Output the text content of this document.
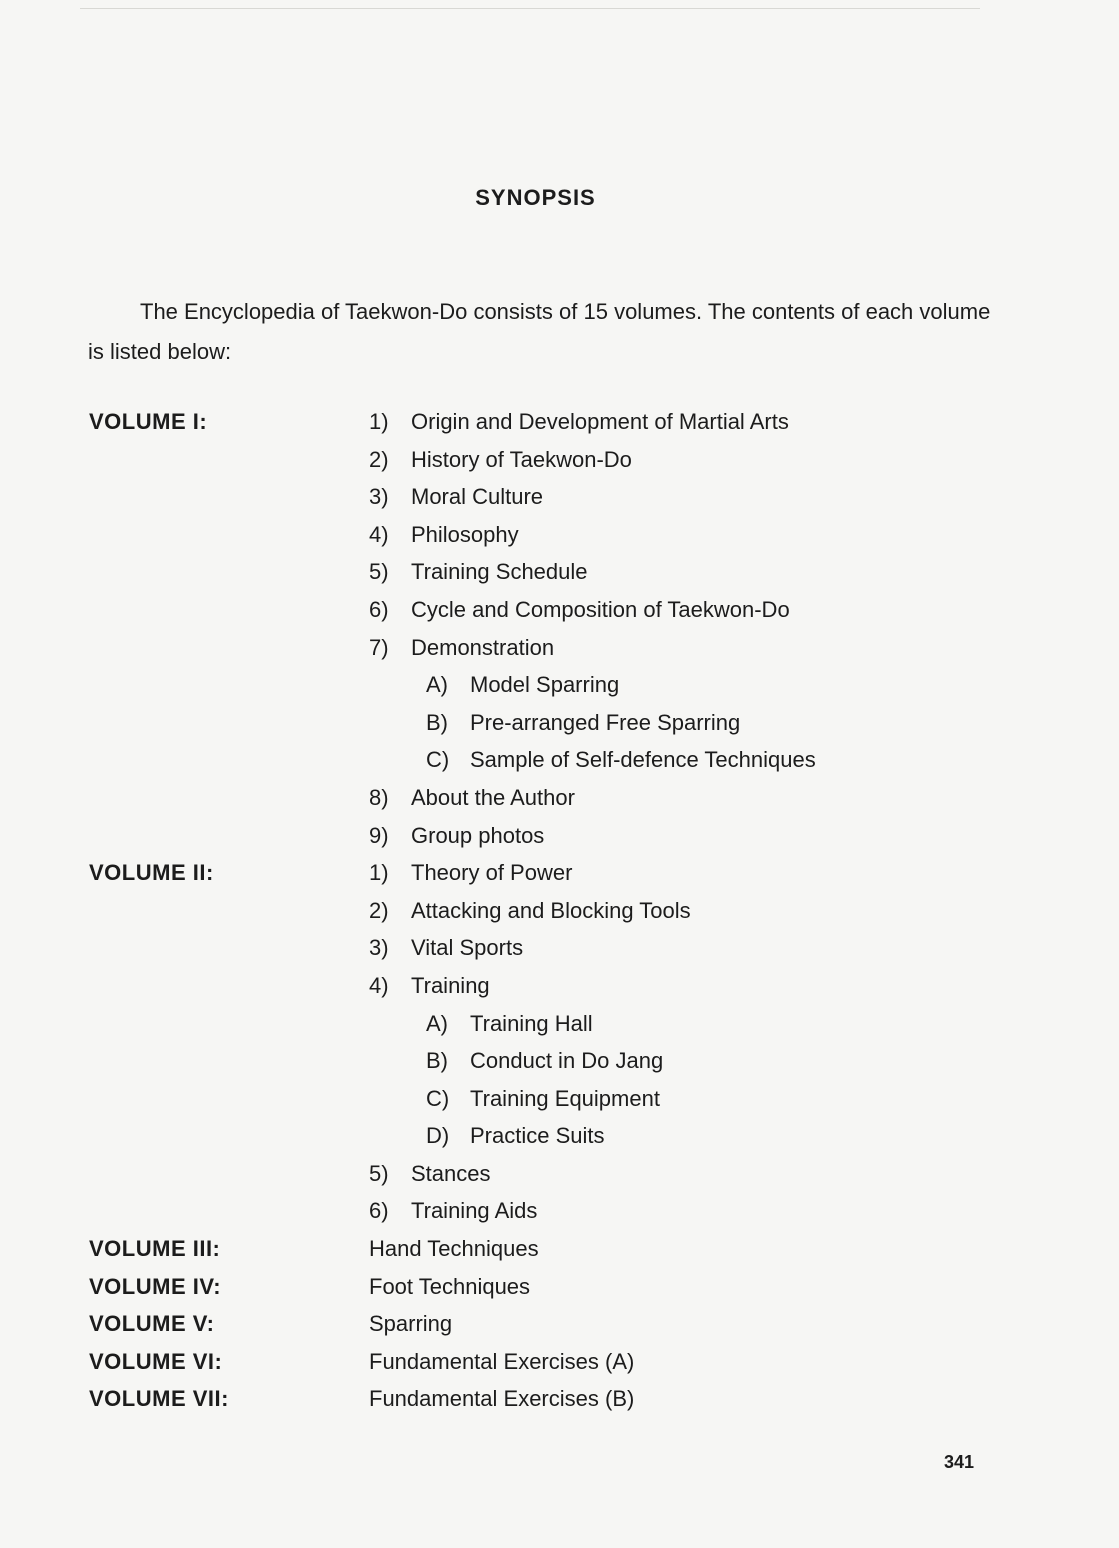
SYNOPSIS
The Encyclopedia of Taekwon-Do consists of 15 volumes. The contents of each volume is listed below:
VOLUME I:	1) Origin and Development of Martial Arts
2) History of Taekwon-Do
3) Moral Culture
4) Philosophy
5) Training Schedule
6) Cycle and Composition of Taekwon-Do
7) Demonstration
A) Model Sparring
B) Pre-arranged Free Sparring
C) Sample of Self-defence Techniques
8) About the Author
9) Group photos
VOLUME II:	1) Theory of Power
2) Attacking and Blocking Tools
3) Vital Sports
4) Training
A) Training Hall
B) Conduct in Do Jang
C) Training Equipment
D) Practice Suits
5) Stances
6) Training Aids
VOLUME III:	Hand Techniques
VOLUME IV:	Foot Techniques
VOLUME V:	Sparring
VOLUME VI:	Fundamental Exercises (A)
VOLUME VII:	Fundamental Exercises (B)
341
